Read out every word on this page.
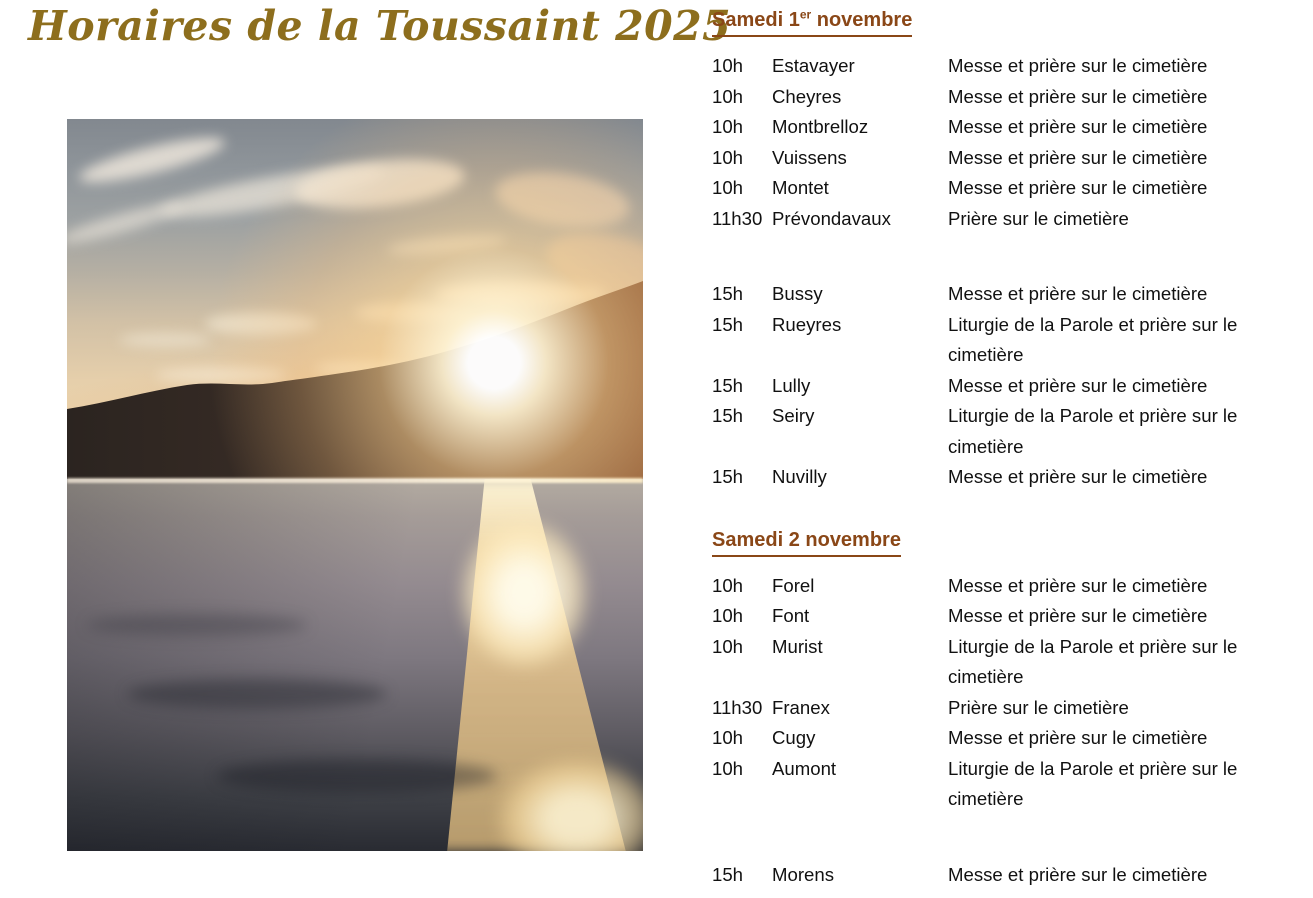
Horaires de la Toussaint 2025
Samedi 1er novembre
10h	Estavayer	Messe et prière sur le cimetière
10h	Cheyres	Messe et prière sur le cimetière
10h	Montbrelloz	Messe et prière sur le cimetière
10h	Vuissens	Messe et prière sur le cimetière
10h	Montet	Messe et prière sur le cimetière
11h30 Prévondavaux	Prière sur le cimetière
15h	Bussy	Messe et prière sur le cimetière
15h	Rueyres	Liturgie de la Parole et prière sur le cimetière
15h	Lully	Messe et prière sur le cimetière
15h	Seiry	Liturgie de la Parole et prière sur le cimetière
15h	Nuvilly	Messe et prière sur le cimetière
Samedi 2 novembre
10h	Forel	Messe et prière sur le cimetière
10h	Font	Messe et prière sur le cimetière
10h	Murist	Liturgie de la Parole et prière sur le cimetière
11h30 Franex	Prière sur le cimetière
10h	Cugy	Messe et prière sur le cimetière
10h	Aumont	Liturgie de la Parole et prière sur le cimetière
15h	Morens	Messe et prière sur le cimetière
